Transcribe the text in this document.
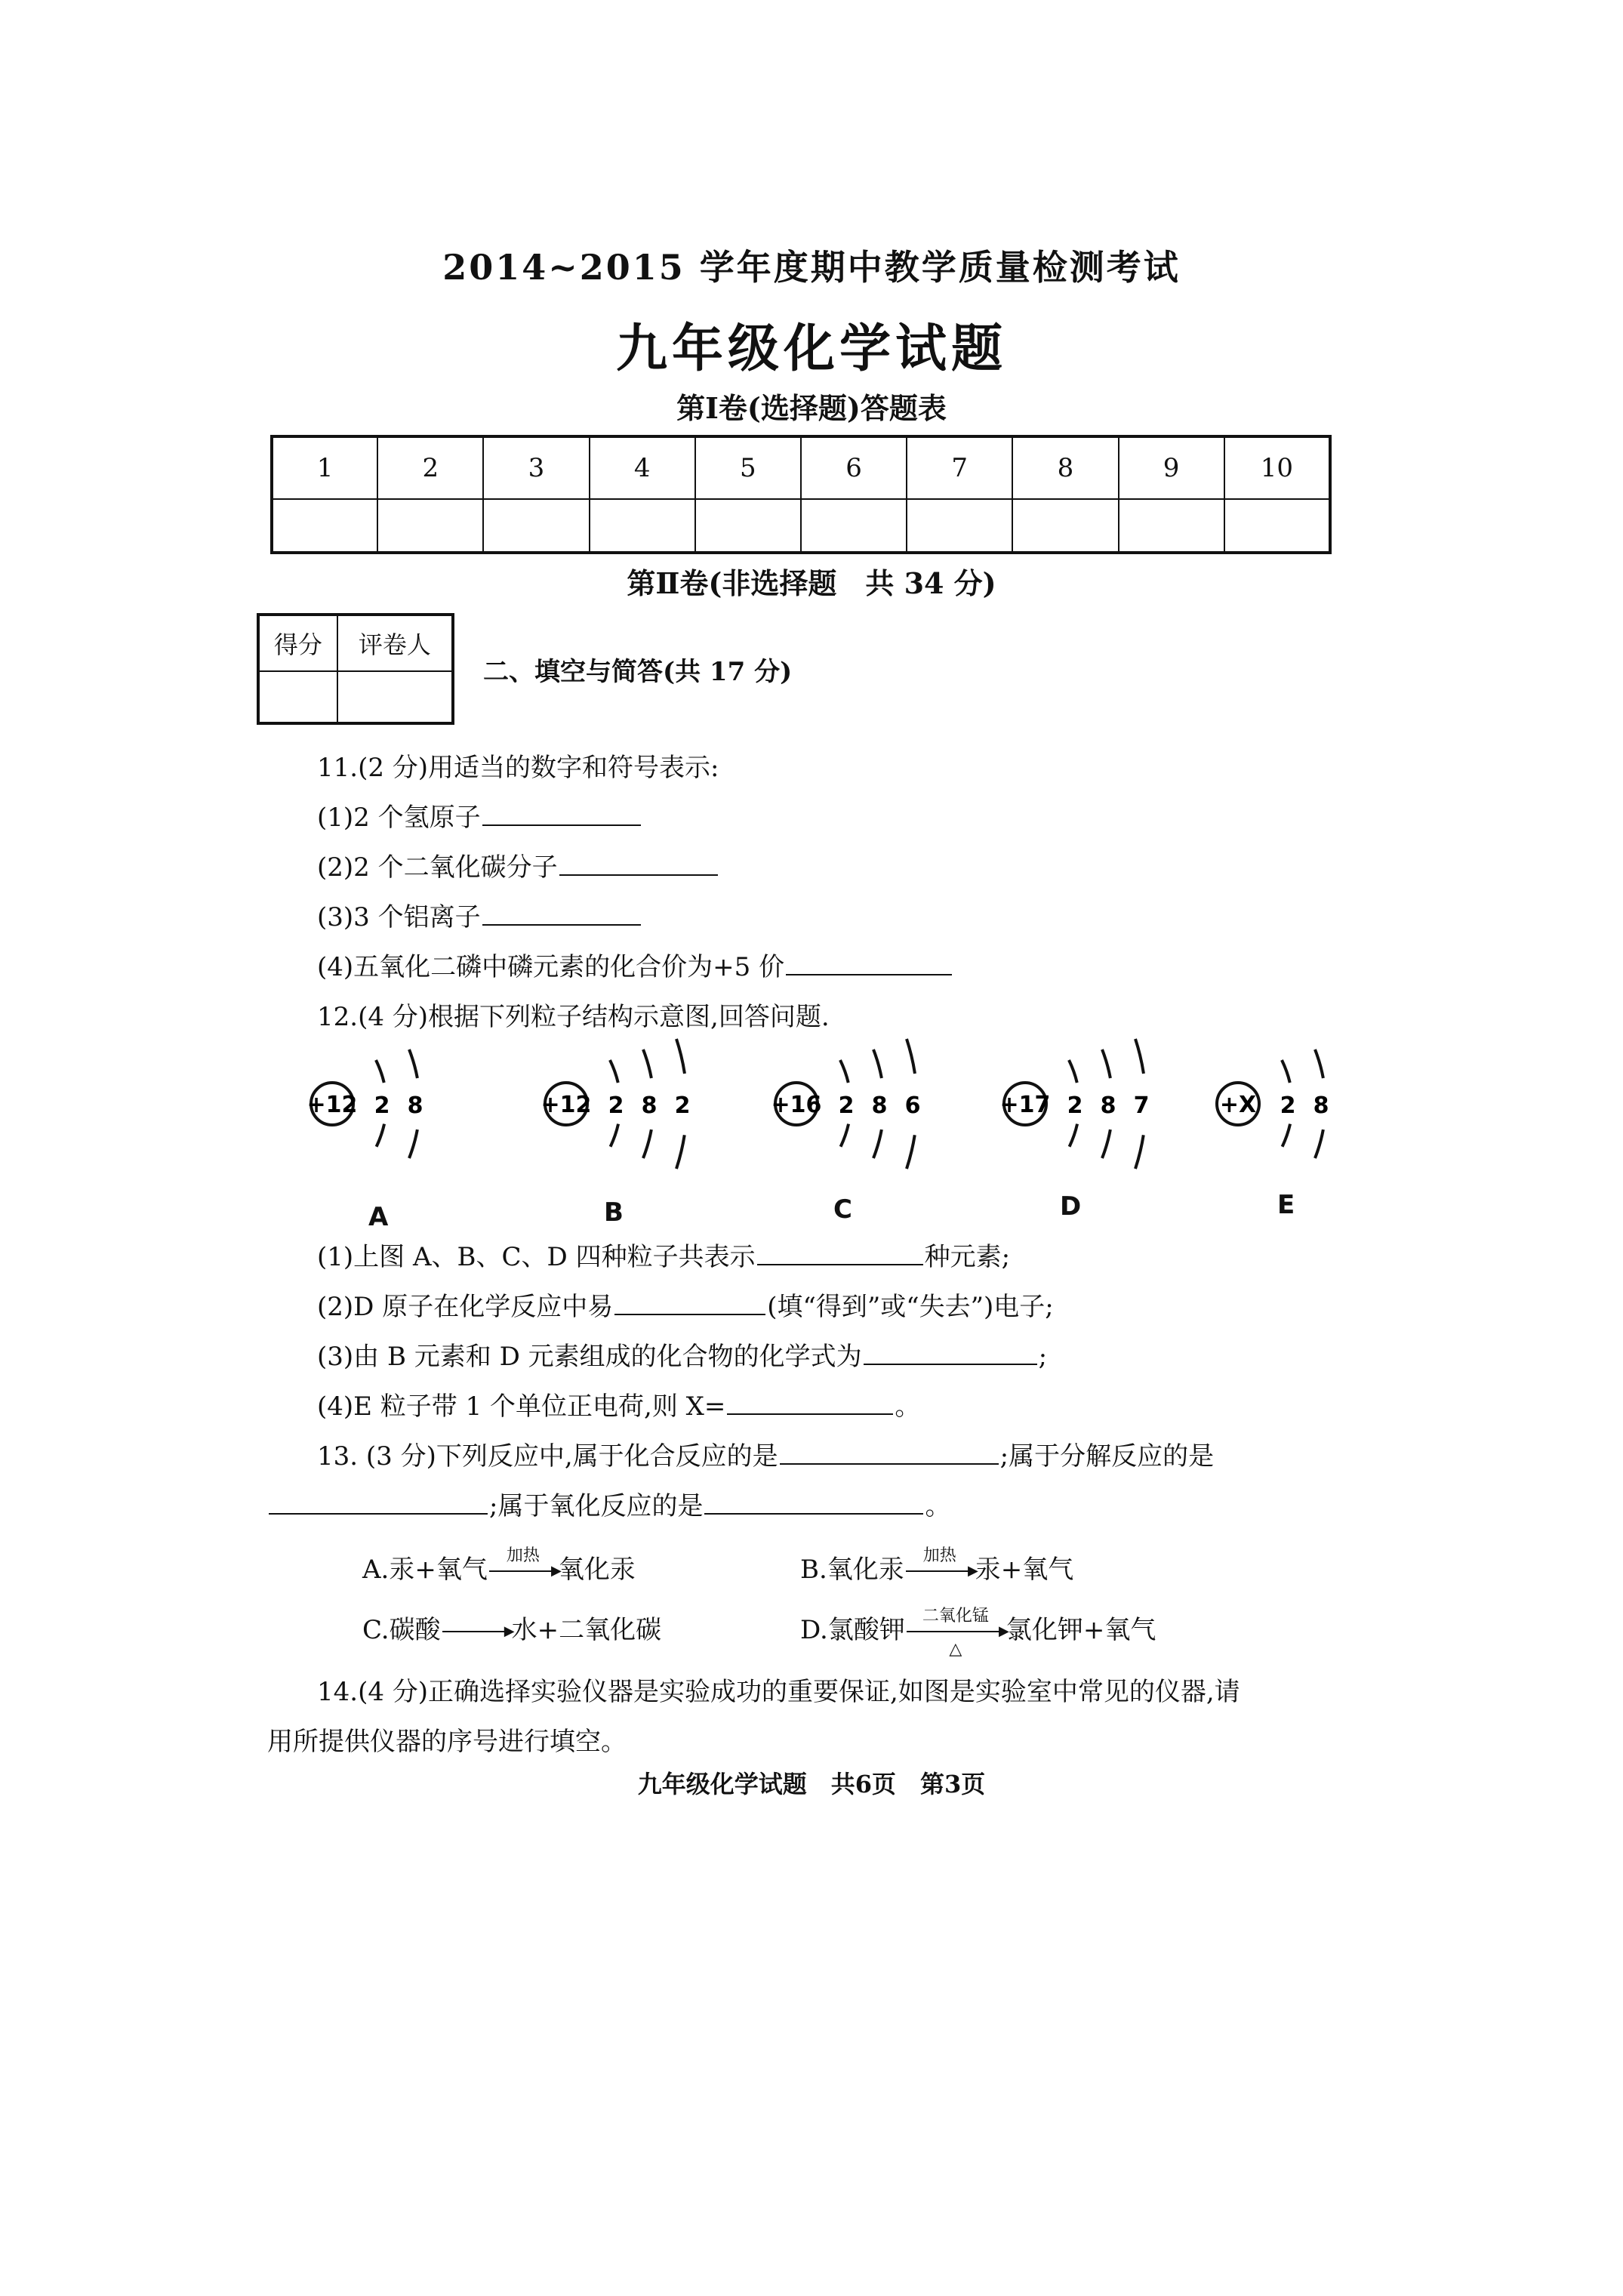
2014~2015 学年度期中教学质量检测考试
九年级化学试题
第Ⅰ卷(选择题)答题表
1	2	3	4	5	6	7	8	9	10

第Ⅱ卷(非选择题　共 34 分)
得分	评卷人

二、填空与简答(共 17 分)
11.(2 分)用适当的数字和符号表示:
(1)2 个氢原子
(2)2 个二氧化碳分子
(3)3 个铝离子
(4)五氧化二磷中磷元素的化合价为+5 价
12.(4 分)根据下列粒子结构示意图,回答问题.
+12 2 8	+12 2 8 2	+16 2 8 6	+17 2 8 7	+X 2 8
A	B	C	D	E
(1)上图 A、B、C、D 四种粒子共表示	种元素;
(2)D 原子在化学反应中易	(填“得到”或“失去”)电子;
(3)由 B 元素和 D 元素组成的化合物的化学式为	;
(4)E 粒子带 1 个单位正电荷,则 X=	。
13. (3 分)下列反应中,属于化合反应的是	;属于分解反应的是
;属于氧化反应的是	。
A.汞+氧气	加热
▶
氧化汞	B.氧化汞	加热
▶
汞+氧气
C.碳酸	▶
水+二氧化碳	D.氯酸钾	二氧化锰
▶
△
氯化钾+氧气
14.(4 分)正确选择实验仪器是实验成功的重要保证,如图是实验室中常见的仪器,请
用所提供仪器的序号进行填空。
九年级化学试题　共6页　第3页
